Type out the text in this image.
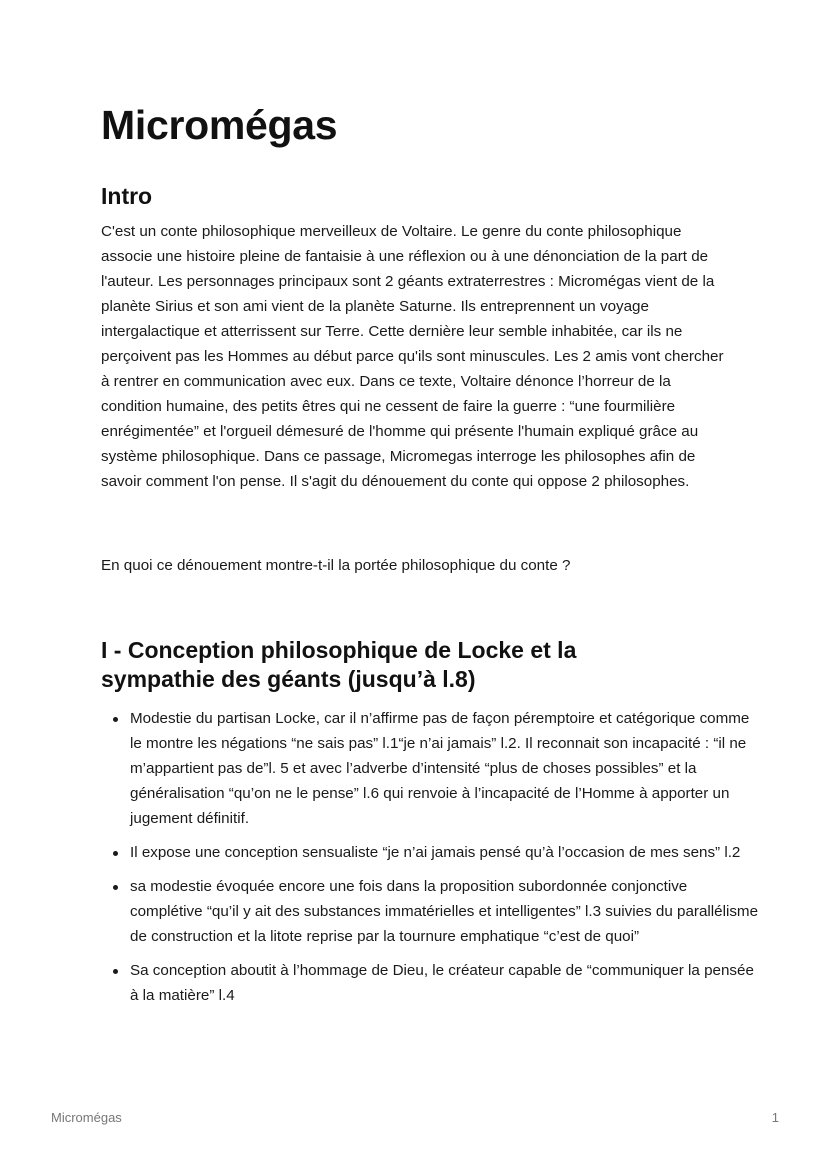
Micromégas
Intro

C'est un conte philosophique merveilleux de Voltaire. Le genre du conte philosophique associe une histoire pleine de fantaisie à une réflexion ou à une dénonciation de la part de l'auteur. Les personnages principaux sont 2 géants extraterrestres : Micromégas vient de la planète Sirius et son ami vient de la planète Saturne. Ils entreprennent un voyage intergalactique et atterrissent sur Terre. Cette dernière leur semble inhabitée, car ils ne perçoivent pas les Hommes au début parce qu'ils sont minuscules. Les 2 amis vont chercher à rentrer en communication avec eux. Dans ce texte, Voltaire dénonce l’horreur de la condition humaine, des petits êtres qui ne cessent de faire la guerre : “une fourmilière enrégimentée” et l'orgueil démesuré de l'homme qui présente l'humain expliqué grâce au système philosophique. Dans ce passage, Micromegas interroge les philosophes afin de savoir comment l'on pense. Il s'agit du dénouement du conte qui oppose 2 philosophes.

En quoi ce dénouement montre-t-il la portée philosophique du conte ?

I - Conception philosophique de Locke et la sympathie des géants (jusqu’à l.8)
Modestie du partisan Locke, car il n’affirme pas de façon péremptoire et catégorique comme le montre les négations “ne sais pas” l.1“je n’ai jamais” l.2. Il reconnait son incapacité : “il ne m’appartient pas de”l. 5 et avec l’adverbe d’intensité “plus de choses possibles” et la généralisation “qu’on ne le pense” l.6 qui renvoie à l’incapacité de l’Homme à apporter un jugement définitif.
Il expose une conception sensualiste “je n’ai jamais pensé qu’à l’occasion de mes sens” l.2
sa modestie évoquée encore une fois dans la proposition subordonnée conjonctive complétive “qu’il y ait des substances immatérielles et intelligentes” l.3 suivies du parallélisme de construction et la litote reprise par la tournure emphatique “c’est de quoi”
Sa conception aboutit à l’hommage de Dieu, le créateur capable de “communiquer la pensée à la matière” l.4
Micromégas	1
